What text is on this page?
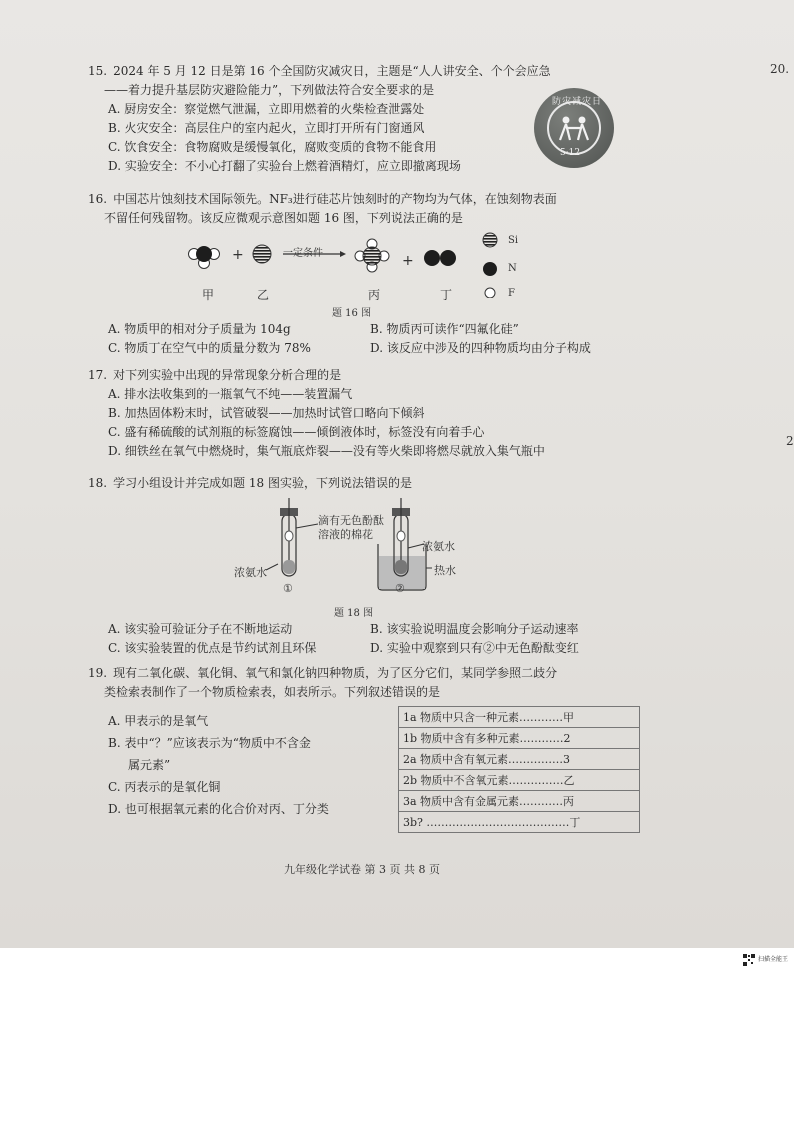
20.
2

15. 2024 年 5 月 12 日是第 16 个全国防灾减灾日，主题是“人人讲安全、个个会应急

——着力提升基层防灾避险能力”，下列做法符合安全要求的是

A. 厨房安全：察觉燃气泄漏，立即用燃着的火柴检查泄露处
B. 火灾安全：高层住户的室内起火，立即打开所有门窗通风
C. 饮食安全：食物腐败是缓慢氧化，腐败变质的食物不能食用
D. 实验安全：不小心打翻了实验台上燃着酒精灯，应立即撤离现场
防灾减灾日
5·12

16. 中国芯片蚀刻技术国际领先。NF₃进行硅芯片蚀刻时的产物均为气体，在蚀刻物表面

不留任何残留物。该反应微观示意图如题 16 图，下列说法正确的是

+	+
一定条件
Si
N
F
甲	乙	丙	丁
题 16 图
A. 物质甲的相对分子质量为 104g	B. 物质丙可读作“四氟化硅”
C. 物质丁在空气中的质量分数为 78%	D. 该反应中涉及的四种物质均由分子构成

17. 对下列实验中出现的异常现象分析合理的是

A. 排水法收集到的一瓶氧气不纯——装置漏气
B. 加热固体粉末时，试管破裂——加热时试管口略向下倾斜
C. 盛有稀硫酸的试剂瓶的标签腐蚀——倾倒液体时，标签没有向着手心
D. 细铁丝在氧气中燃烧时，集气瓶底炸裂——没有等火柴即将燃尽就放入集气瓶中

18. 学习小组设计并完成如题 18 图实验，下列说法错误的是

滴有无色酚酞
溶液的棉花
浓氨水
浓氨水
热水
①	②
题 18 图
A. 该实验可验证分子在不断地运动	B. 该实验说明温度会影响分子运动速率
C. 该实验装置的优点是节约试剂且环保	D. 实验中观察到只有②中无色酚酞变红

19. 现有二氧化碳、氧化铜、氧气和氯化钠四种物质，为了区分它们，某同学参照二歧分

类检索表制作了一个物质检索表，如表所示。下列叙述错误的是

A. 甲表示的是氧气
B. 表中“？”应该表示为“物质中不含金
属元素”
C. 丙表示的是氧化铜
D. 也可根据氧元素的化合价对丙、丁分类
1a 物质中只含一种元素…………甲
1b 物质中含有多种元素…………2
2a 物质中含有氧元素……………3
2b 物质中不含氧元素……………乙
3a 物质中含有金属元素…………丙
3b? …………………………………丁
九年级化学试卷 第 3 页 共 8 页
扫描全能王
